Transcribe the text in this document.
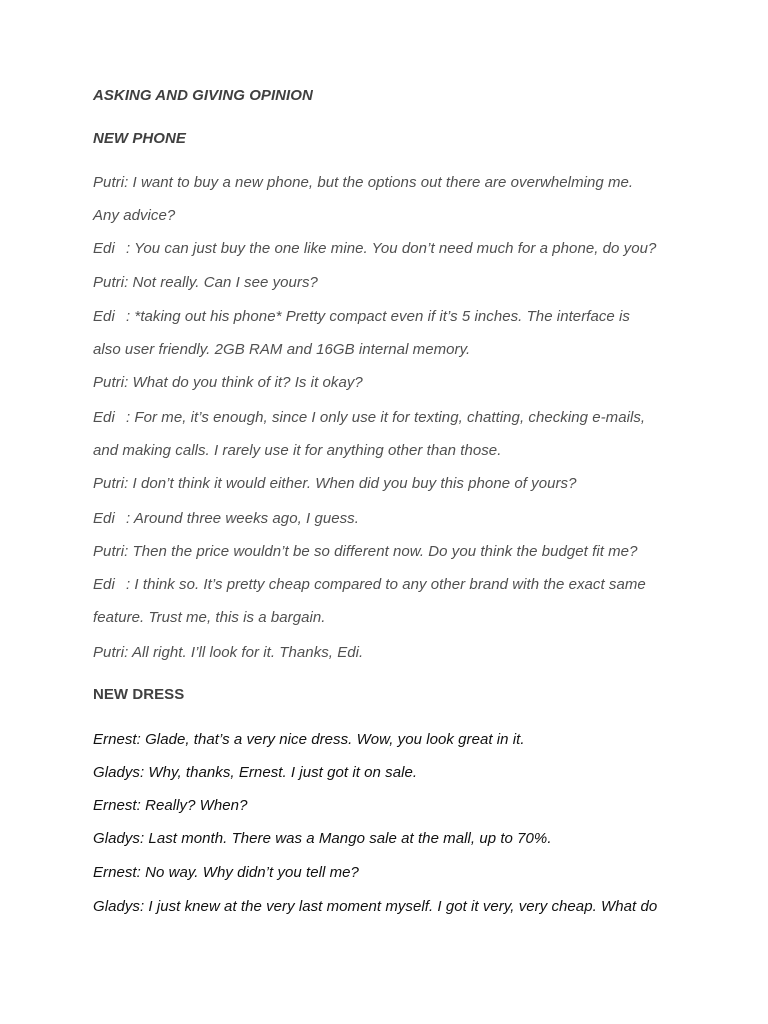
ASKING AND GIVING OPINION

NEW PHONE

Putri: I want to buy a new phone, but the options out there are overwhelming me.

Any advice?

Edi : You can just buy the one like mine. You don’t need much for a phone, do you?

Putri: Not really. Can I see yours?

Edi : *taking out his phone* Pretty compact even if it’s 5 inches. The interface is

also user friendly. 2GB RAM and 16GB internal memory.

Putri: What do you think of it? Is it okay?

Edi : For me, it’s enough, since I only use it for texting, chatting, checking e-mails,

and making calls. I rarely use it for anything other than those.

Putri: I don’t think it would either. When did you buy this phone of yours?

Edi : Around three weeks ago, I guess.

Putri: Then the price wouldn’t be so different now. Do you think the budget fit me?

Edi : I think so. It’s pretty cheap compared to any other brand with the exact same

feature. Trust me, this is a bargain.

Putri: All right. I’ll look for it. Thanks, Edi.

NEW DRESS

Ernest: Glade, that’s a very nice dress. Wow, you look great in it.

Gladys: Why, thanks, Ernest. I just got it on sale.

Ernest: Really? When?

Gladys: Last month. There was a Mango sale at the mall, up to 70%.

Ernest: No way. Why didn’t you tell me?

Gladys: I just knew at the very last moment myself. I got it very, very cheap. What do
